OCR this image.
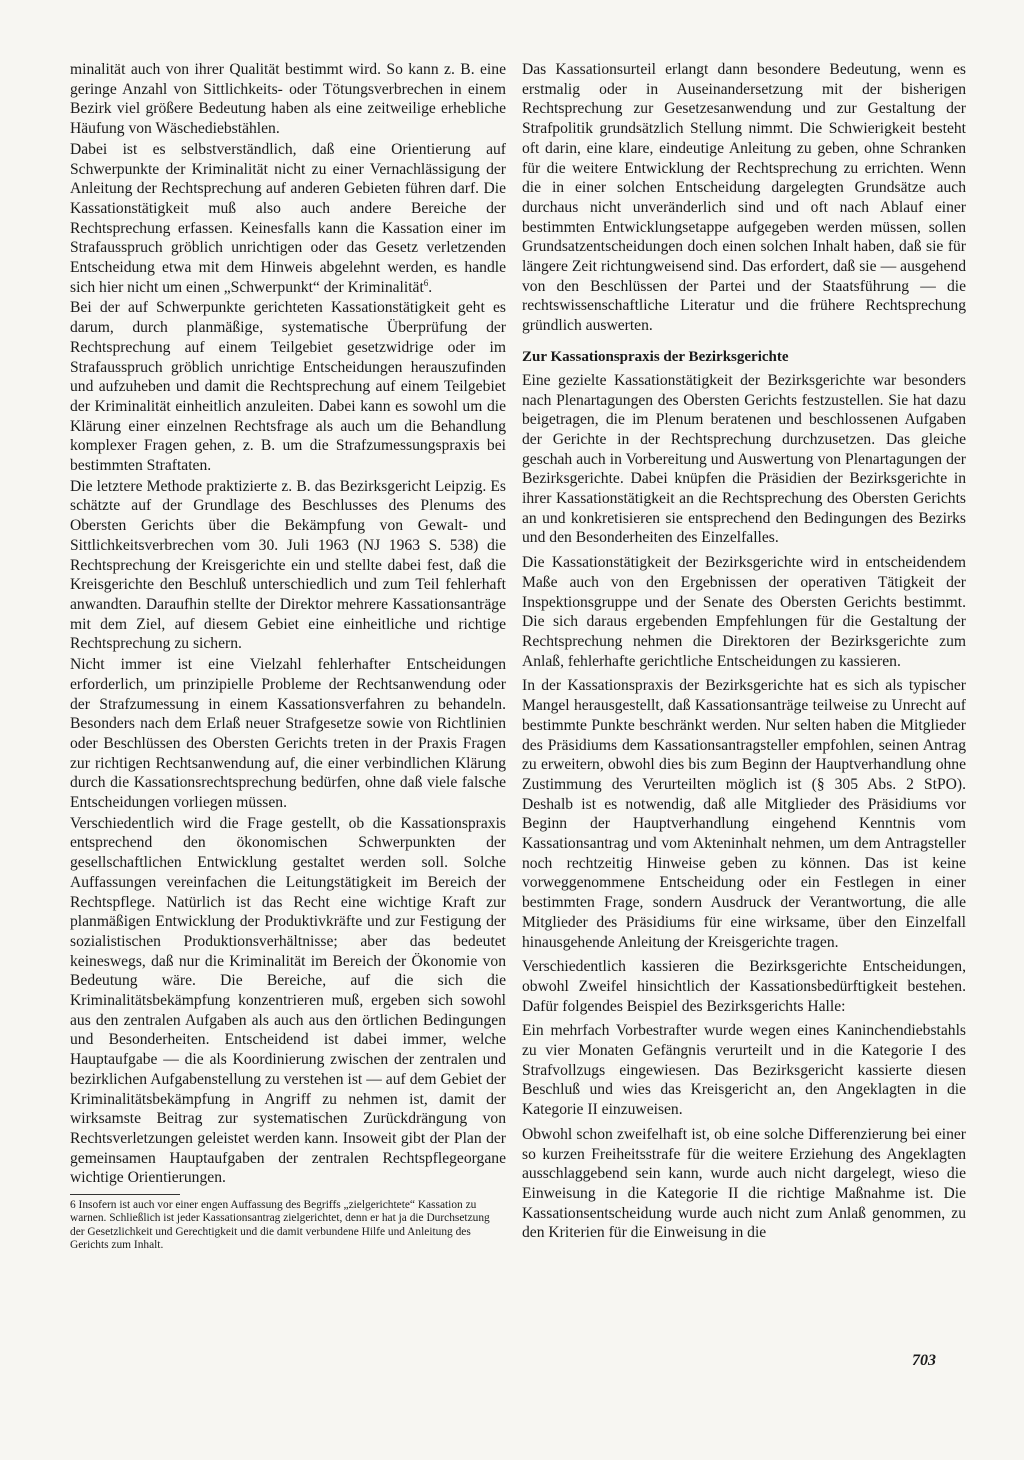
minalität auch von ihrer Qualität bestimmt wird. So kann z. B. eine geringe Anzahl von Sittlichkeits- oder Tötungsverbrechen in einem Bezirk viel größere Bedeutung haben als eine zeitweilige erhebliche Häufung von Wäschediebstählen.

Dabei ist es selbstverständlich, daß eine Orientierung auf Schwerpunkte der Kriminalität nicht zu einer Vernachlässigung der Anleitung der Rechtsprechung auf anderen Gebieten führen darf. Die Kassationstätigkeit muß also auch andere Bereiche der Rechtsprechung erfassen. Keinesfalls kann die Kassation einer im Strafausspruch gröblich unrichtigen oder das Gesetz verletzenden Entscheidung etwa mit dem Hinweis abgelehnt werden, es handle sich hier nicht um einen „Schwerpunkt“ der Kriminalität$^6$.

Bei der auf Schwerpunkte gerichteten Kassationstätigkeit geht es darum, durch planmäßige, systematische Überprüfung der Rechtsprechung auf einem Teilgebiet gesetzwidrige oder im Strafausspruch gröblich unrichtige Entscheidungen herauszufinden und aufzuheben und damit die Rechtsprechung auf einem Teilgebiet der Kriminalität einheitlich anzuleiten. Dabei kann es sowohl um die Klärung einer einzelnen Rechtsfrage als auch um die Behandlung komplexer Fragen gehen, z. B. um die Strafzumessungspraxis bei bestimmten Straftaten.

Die letztere Methode praktizierte z. B. das Bezirksgericht Leipzig. Es schätzte auf der Grundlage des Beschlusses des Plenums des Obersten Gerichts über die Bekämpfung von Gewalt- und Sittlichkeitsverbrechen vom 30. Juli 1963 (NJ 1963 S. 538) die Rechtsprechung der Kreisgerichte ein und stellte dabei fest, daß die Kreisgerichte den Beschluß unterschiedlich und zum Teil fehlerhaft anwandten. Daraufhin stellte der Direktor mehrere Kassationsanträge mit dem Ziel, auf diesem Gebiet eine einheitliche und richtige Rechtsprechung zu sichern.

Nicht immer ist eine Vielzahl fehlerhafter Entscheidungen erforderlich, um prinzipielle Probleme der Rechtsanwendung oder der Strafzumessung in einem Kassationsverfahren zu behandeln. Besonders nach dem Erlaß neuer Strafgesetze sowie von Richtlinien oder Beschlüssen des Obersten Gerichts treten in der Praxis Fragen zur richtigen Rechtsanwendung auf, die einer verbindlichen Klärung durch die Kassationsrechtsprechung bedürfen, ohne daß viele falsche Entscheidungen vorliegen müssen.

Verschiedentlich wird die Frage gestellt, ob die Kassationspraxis entsprechend den ökonomischen Schwerpunkten der gesellschaftlichen Entwicklung gestaltet werden soll. Solche Auffassungen vereinfachen die Leitungstätigkeit im Bereich der Rechtspflege. Natürlich ist das Recht eine wichtige Kraft zur planmäßigen Entwicklung der Produktivkräfte und zur Festigung der sozialistischen Produktionsverhältnisse; aber das bedeutet keineswegs, daß nur die Kriminalität im Bereich der Ökonomie von Bedeutung wäre. Die Bereiche, auf die sich die Kriminalitätsbekämpfung konzentrieren muß, ergeben sich sowohl aus den zentralen Aufgaben als auch aus den örtlichen Bedingungen und Besonderheiten. Entscheidend ist dabei immer, welche Hauptaufgabe — die als Koordinierung zwischen der zentralen und bezirklichen Aufgabenstellung zu verstehen ist — auf dem Gebiet der Kriminalitätsbekämpfung in Angriff zu nehmen ist, damit der wirksamste Beitrag zur systematischen Zurückdrängung von Rechtsverletzungen geleistet werden kann. Insoweit gibt der Plan der gemeinsamen Hauptaufgaben der zentralen Rechtspflegeorgane wichtige Orientierungen.

6 Insofern ist auch vor einer engen Auffassung des Begriffs „zielgerichtete“ Kassation zu warnen. Schließlich ist jeder Kassationsantrag zielgerichtet, denn er hat ja die Durchsetzung der Gesetzlichkeit und Gerechtigkeit und die damit verbundene Hilfe und Anleitung des Gerichts zum Inhalt.

Das Kassationsurteil erlangt dann besondere Bedeutung, wenn es erstmalig oder in Auseinandersetzung mit der bisherigen Rechtsprechung zur Gesetzesanwendung und zur Gestaltung der Strafpolitik grundsätzlich Stellung nimmt. Die Schwierigkeit besteht oft darin, eine klare, eindeutige Anleitung zu geben, ohne Schranken für die weitere Entwicklung der Rechtsprechung zu errichten. Wenn die in einer solchen Entscheidung dargelegten Grundsätze auch durchaus nicht unveränderlich sind und oft nach Ablauf einer bestimmten Entwicklungsetappe aufgegeben werden müssen, sollen Grundsatzentscheidungen doch einen solchen Inhalt haben, daß sie für längere Zeit richtungweisend sind. Das erfordert, daß sie — ausgehend von den Beschlüssen der Partei und der Staatsführung — die rechtswissenschaftliche Literatur und die frühere Rechtsprechung gründlich auswerten.

Zur Kassationspraxis der Bezirksgerichte

Eine gezielte Kassationstätigkeit der Bezirksgerichte war besonders nach Plenartagungen des Obersten Gerichts festzustellen. Sie hat dazu beigetragen, die im Plenum beratenen und beschlossenen Aufgaben der Gerichte in der Rechtsprechung durchzusetzen. Das gleiche geschah auch in Vorbereitung und Auswertung von Plenartagungen der Bezirksgerichte. Dabei knüpfen die Präsidien der Bezirksgerichte in ihrer Kassationstätigkeit an die Rechtsprechung des Obersten Gerichts an und konkretisieren sie entsprechend den Bedingungen des Bezirks und den Besonderheiten des Einzelfalles.

Die Kassationstätigkeit der Bezirksgerichte wird in entscheidendem Maße auch von den Ergebnissen der operativen Tätigkeit der Inspektionsgruppe und der Senate des Obersten Gerichts bestimmt. Die sich daraus ergebenden Empfehlungen für die Gestaltung der Rechtsprechung nehmen die Direktoren der Bezirksgerichte zum Anlaß, fehlerhafte gerichtliche Entscheidungen zu kassieren.

In der Kassationspraxis der Bezirksgerichte hat es sich als typischer Mangel herausgestellt, daß Kassationsanträge teilweise zu Unrecht auf bestimmte Punkte beschränkt werden. Nur selten haben die Mitglieder des Präsidiums dem Kassationsantragsteller empfohlen, seinen Antrag zu erweitern, obwohl dies bis zum Beginn der Hauptverhandlung ohne Zustimmung des Verurteilten möglich ist (§ 305 Abs. 2 StPO). Deshalb ist es notwendig, daß alle Mitglieder des Präsidiums vor Beginn der Hauptverhandlung eingehend Kenntnis vom Kassationsantrag und vom Akteninhalt nehmen, um dem Antragsteller noch rechtzeitig Hinweise geben zu können. Das ist keine vorweggenommene Entscheidung oder ein Festlegen in einer bestimmten Frage, sondern Ausdruck der Verantwortung, die alle Mitglieder des Präsidiums für eine wirksame, über den Einzelfall hinausgehende Anleitung der Kreisgerichte tragen.

Verschiedentlich kassieren die Bezirksgerichte Entscheidungen, obwohl Zweifel hinsichtlich der Kassationsbedürftigkeit bestehen. Dafür folgendes Beispiel des Bezirksgerichts Halle:

Ein mehrfach Vorbestrafter wurde wegen eines Kaninchendiebstahls zu vier Monaten Gefängnis verurteilt und in die Kategorie I des Strafvollzugs eingewiesen. Das Bezirksgericht kassierte diesen Beschluß und wies das Kreisgericht an, den Angeklagten in die Kategorie II einzuweisen.

Obwohl schon zweifelhaft ist, ob eine solche Differenzierung bei einer so kurzen Freiheitsstrafe für die weitere Erziehung des Angeklagten ausschlaggebend sein kann, wurde auch nicht dargelegt, wieso die Einweisung in die Kategorie II die richtige Maßnahme ist. Die Kassationsentscheidung wurde auch nicht zum Anlaß genommen, zu den Kriterien für die Einweisung in die

703
